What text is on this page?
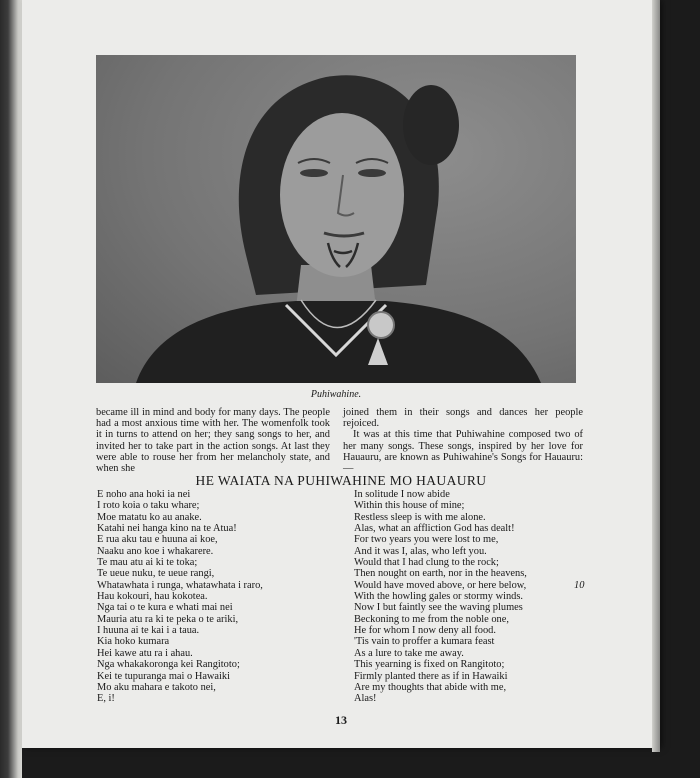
Puhiwahine.

became ill in mind and body for many days. The people had a most anxious time with her. The womenfolk took it in turns to attend on her; they sang songs to her, and invited her to take part in the action songs. At last they were able to rouse her from her melancholy state, and when she

joined them in their songs and dances her people rejoiced.

It was at this time that Puhiwahine composed two of her many songs. These songs, inspired by her love for Hauauru, are known as Puhiwahine's Songs for Hauauru:—

HE WAIATA NA PUHIWAHINE MO HAUAURU
E noho ana hoki ia nei
I roto koia o taku whare;
Moe matatu ko au anake.
Katahi nei hanga kino na te Atua!
E rua aku tau e huuna ai koe,
Naaku ano koe i whakarere.
Te mau atu ai ki te toka;
Te ueue nuku, te ueue rangi,
Whatawhata i runga, whatawhata i raro,
Hau kokouri, hau kokotea.
Nga tai o te kura e whati mai nei
Mauria atu ra ki te peka o te ariki,
I huuna ai te kai i a taua.
Kia hoko kumara
Hei kawe atu ra i ahau.
Nga whakakoronga kei Rangitoto;
Kei te tupuranga mai o Hawaiki
Mo aku mahara e takoto nei,
E, i!
In solitude I now abide
Within this house of mine;
Restless sleep is with me alone.
Alas, what an affliction God has dealt!
For two years you were lost to me,
And it was I, alas, who left you.
Would that I had clung to the rock;
Then nought on earth, nor in the heavens,
Would have moved above, or here below,
With the howling gales or stormy winds.
Now I but faintly see the waving plumes
Beckoning to me from the noble one,
He for whom I now deny all food.
'Tis vain to proffer a kumara feast
As a lure to take me away.
This yearning is fixed on Rangitoto;
Firmly planted there as if in Hawaiki
Are my thoughts that abide with me,
Alas!
10
13
